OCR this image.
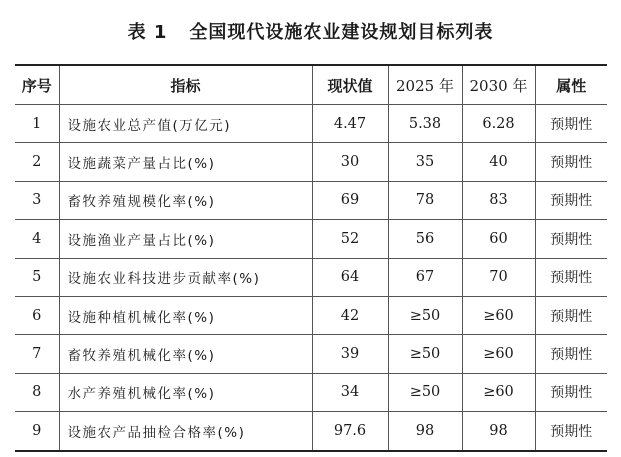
表 1 全国现代设施农业建设规划目标列表
序号	指标	现状值	2025 年	2030 年	属性
1	设施农业总产值(万亿元)	4.47	5.38	6.28	预期性
2	设施蔬菜产量占比(%)	30	35	40	预期性
3	畜牧养殖规模化率(%)	69	78	83	预期性
4	设施渔业产量占比(%)	52	56	60	预期性
5	设施农业科技进步贡献率(%)	64	67	70	预期性
6	设施种植机械化率(%)	42	≥50	≥60	预期性
7	畜牧养殖机械化率(%)	39	≥50	≥60	预期性
8	水产养殖机械化率(%)	34	≥50	≥60	预期性
9	设施农产品抽检合格率(%)	97.6	98	98	预期性
